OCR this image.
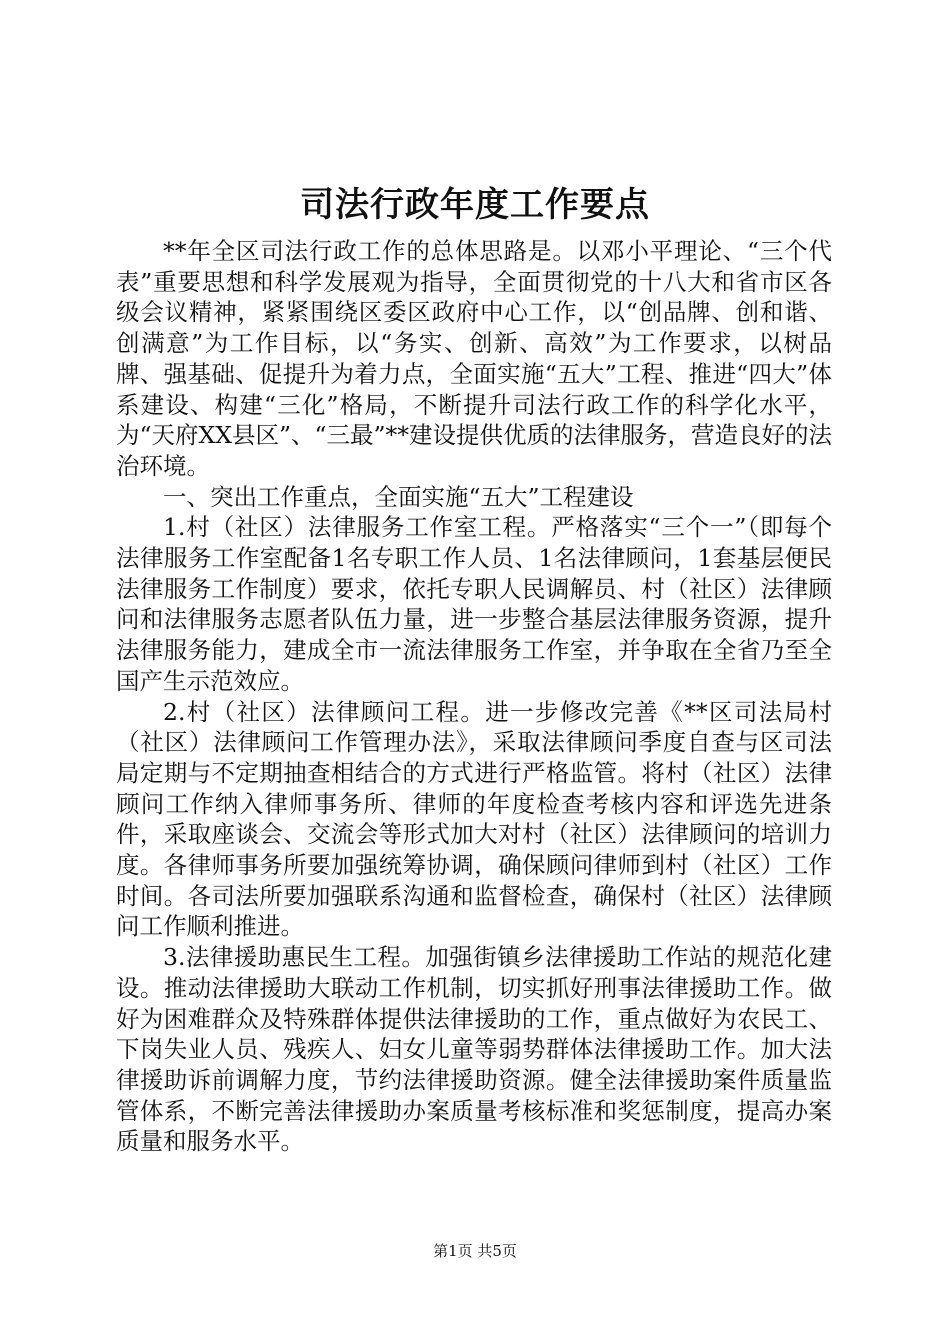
司法行政年度工作要点

**年全区司法行政工作的总体思路是。以邓小平理论、“三个代表”重要思想和科学发展观为指导，全面贯彻党的十八大和省市区各级会议精神，紧紧围绕区委区政府中心工作，以“创品牌、创和谐、创满意”为工作目标，以“务实、创新、高效”为工作要求，以树品牌、强基础、促提升为着力点，全面实施“五大”工程、推进“四大”体系建设、构建“三化”格局，不断提升司法行政工作的科学化水平，为“天府XX县区”、“三最”**建设提供优质的法律服务，营造良好的法治环境。

一、突出工作重点，全面实施“五大”工程建设

1.村（社区）法律服务工作室工程。严格落实“三个一”（即每个法律服务工作室配备1名专职工作人员、1名法律顾问，1套基层便民法律服务工作制度）要求，依托专职人民调解员、村（社区）法律顾问和法律服务志愿者队伍力量，进一步整合基层法律服务资源，提升法律服务能力，建成全市一流法律服务工作室，并争取在全省乃至全国产生示范效应。

2.村（社区）法律顾问工程。进一步修改完善《**区司法局村（社区）法律顾问工作管理办法》，采取法律顾问季度自查与区司法局定期与不定期抽查相结合的方式进行严格监管。将村（社区）法律顾问工作纳入律师事务所、律师的年度检查考核内容和评选先进条件，采取座谈会、交流会等形式加大对村（社区）法律顾问的培训力度。各律师事务所要加强统筹协调，确保顾问律师到村（社区）工作时间。各司法所要加强联系沟通和监督检查，确保村（社区）法律顾问工作顺利推进。

3.法律援助惠民生工程。加强街镇乡法律援助工作站的规范化建设。推动法律援助大联动工作机制，切实抓好刑事法律援助工作。做好为困难群众及特殊群体提供法律援助的工作，重点做好为农民工、下岗失业人员、残疾人、妇女儿童等弱势群体法律援助工作。加大法律援助诉前调解力度，节约法律援助资源。健全法律援助案件质量监管体系，不断完善法律援助办案质量考核标准和奖惩制度，提高办案质量和服务水平。

第1页 共5页
